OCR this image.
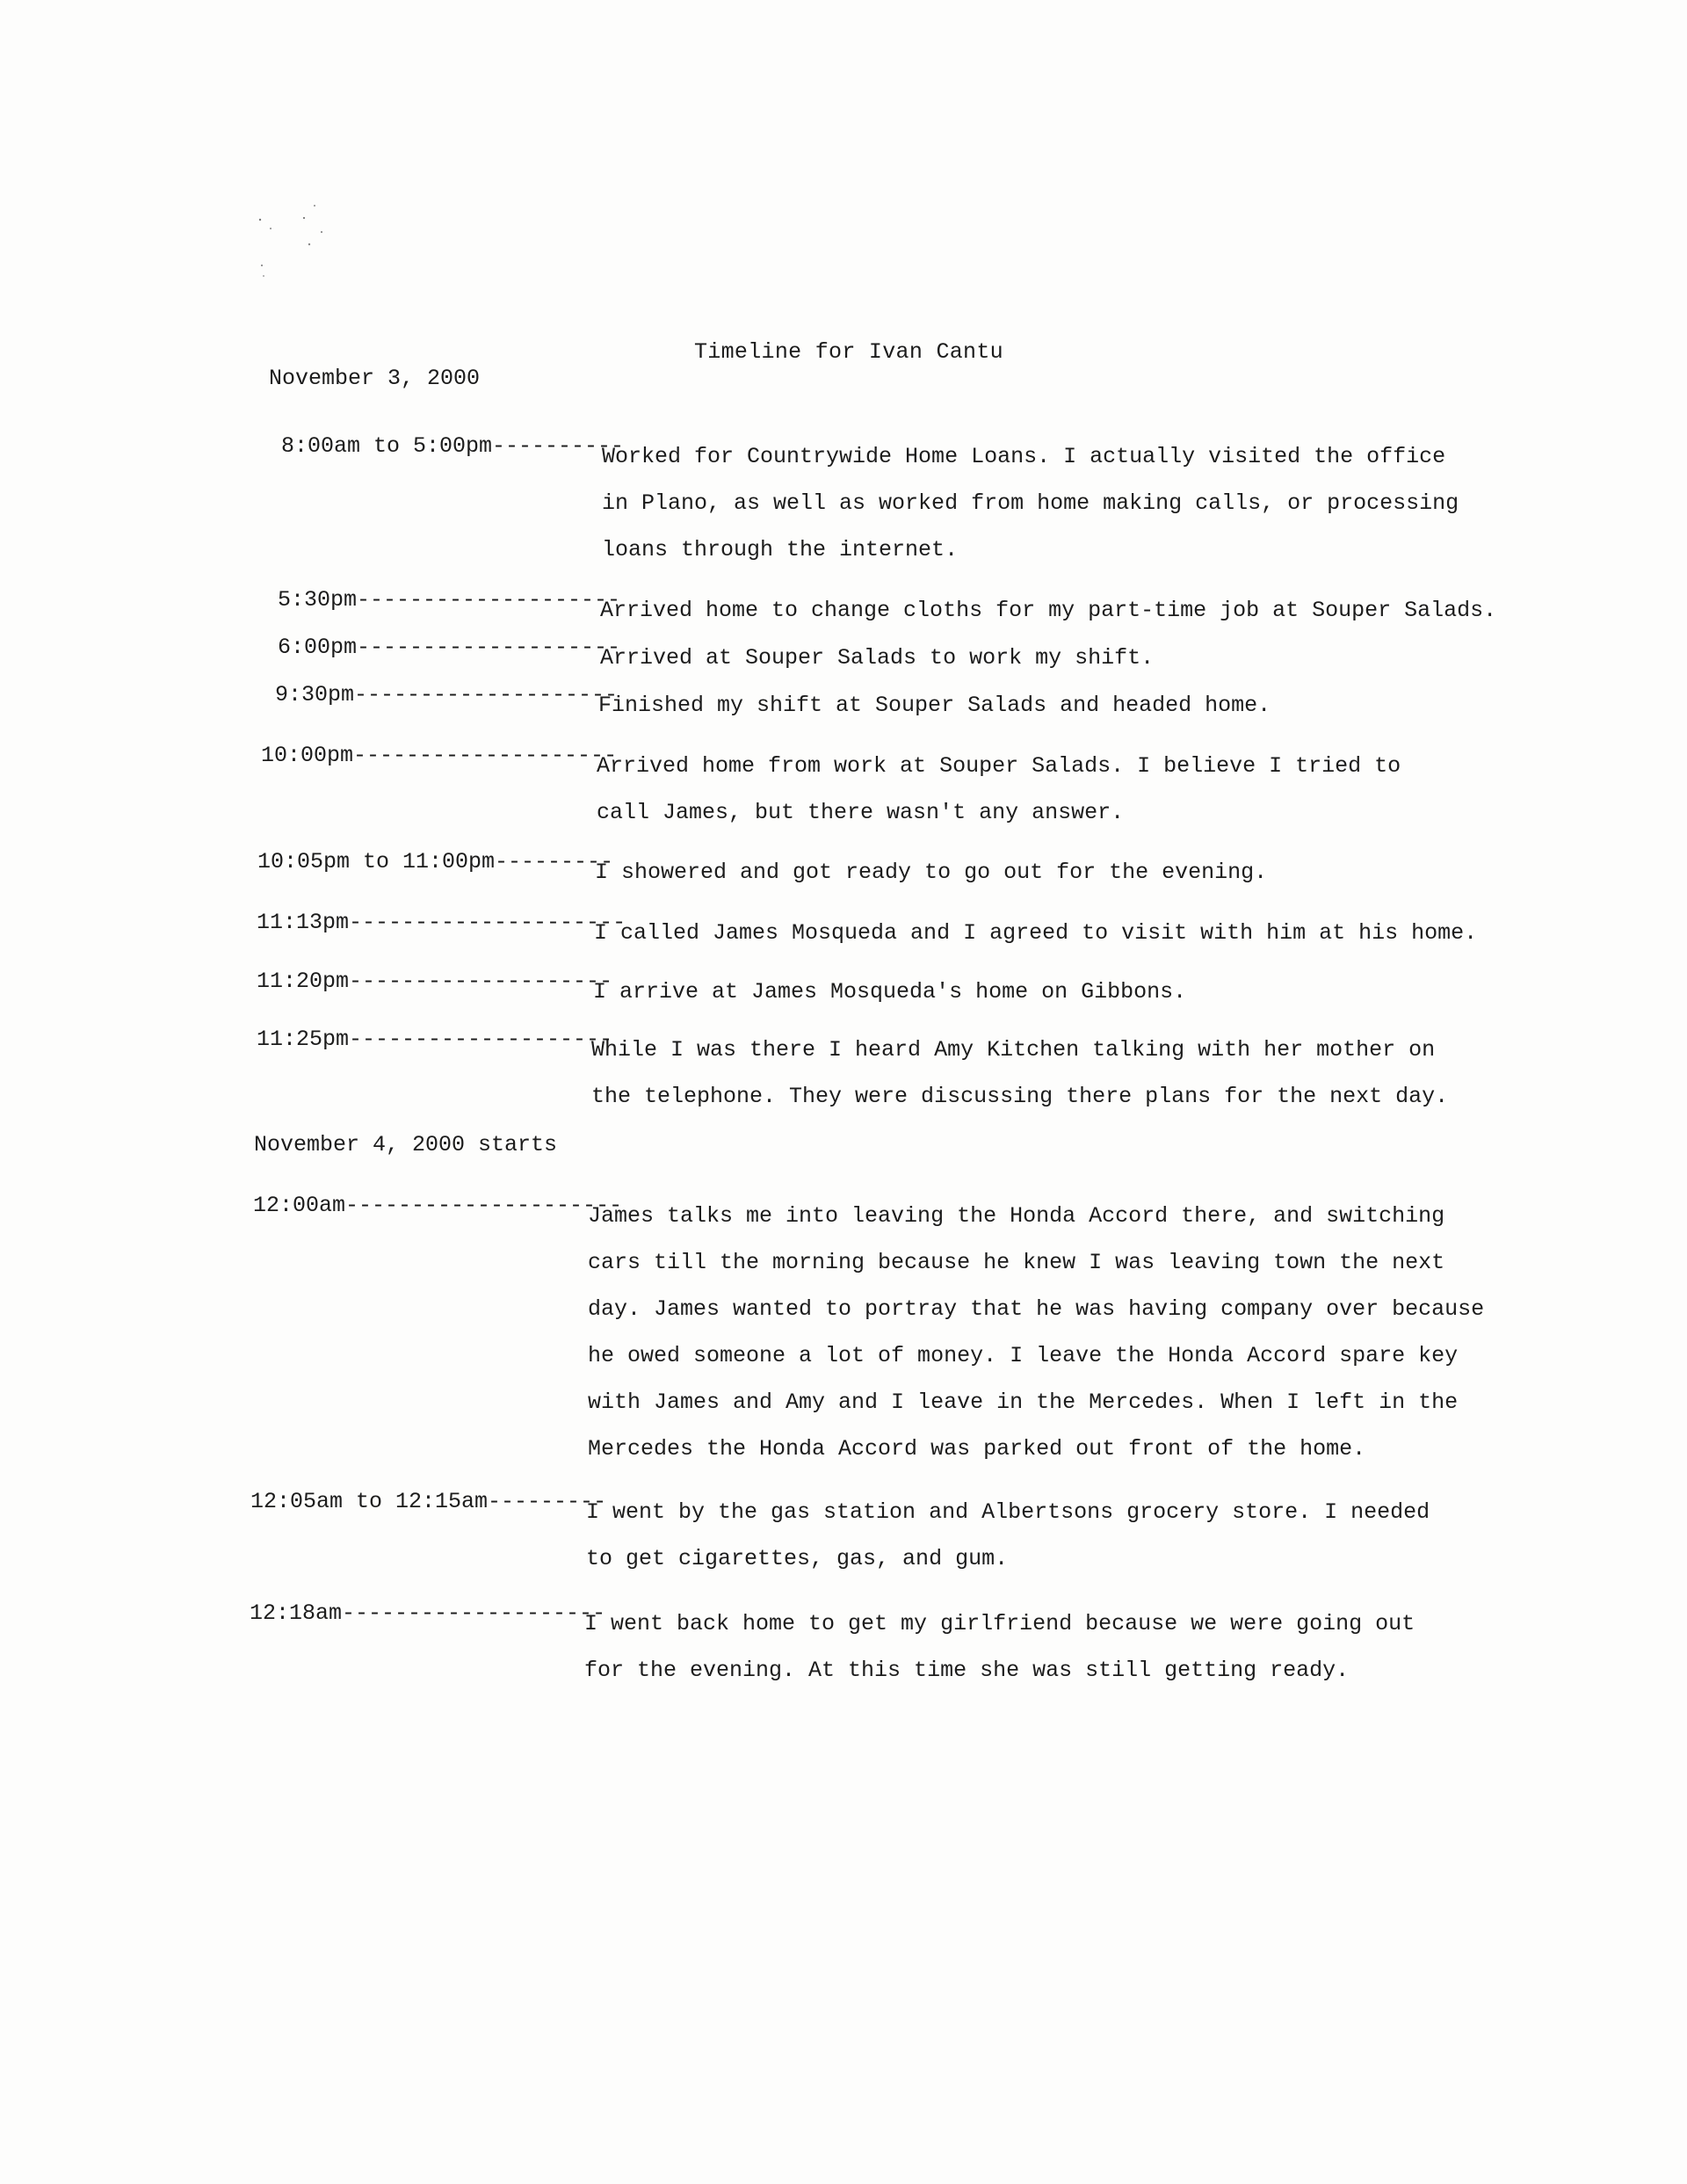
Timeline for Ivan Cantu
November 3, 2000
8:00am to 5:00pm----------
Worked for Countrywide Home Loans. I actually visited the office
in Plano, as well as worked from home making calls, or processing
loans through the internet.
5:30pm--------------------
Arrived home to change cloths for my part-time job at Souper Salads.
6:00pm--------------------
Arrived at Souper Salads to work my shift.
9:30pm--------------------
Finished my shift at Souper Salads and headed home.
10:00pm--------------------
Arrived home from work at Souper Salads. I believe I tried to
call James, but there wasn't any answer.
10:05pm to 11:00pm---------
I showered and got ready to go out for the evening.
11:13pm---------------------
I called James Mosqueda and I agreed to visit with him at his home.
11:20pm--------------------
I arrive at James Mosqueda's home on Gibbons.
11:25pm--------------------
While I was there I heard Amy Kitchen talking with her mother on
the telephone. They were discussing there plans for the next day.
November 4, 2000 starts
12:00am---------------------
James talks me into leaving the Honda Accord there, and switching
cars till the morning because he knew I was leaving town the next
day. James wanted to portray that he was having company over because
he owed someone a lot of money. I leave the Honda Accord spare key
with James and Amy and I leave in the Mercedes. When I left in the
Mercedes the Honda Accord was parked out front of the home.
12:05am to 12:15am---------
I went by the gas station and Albertsons grocery store. I needed
to get cigarettes, gas, and gum.
12:18am--------------------
I went back home to get my girlfriend because we were going out
for the evening. At this time she was still getting ready.
